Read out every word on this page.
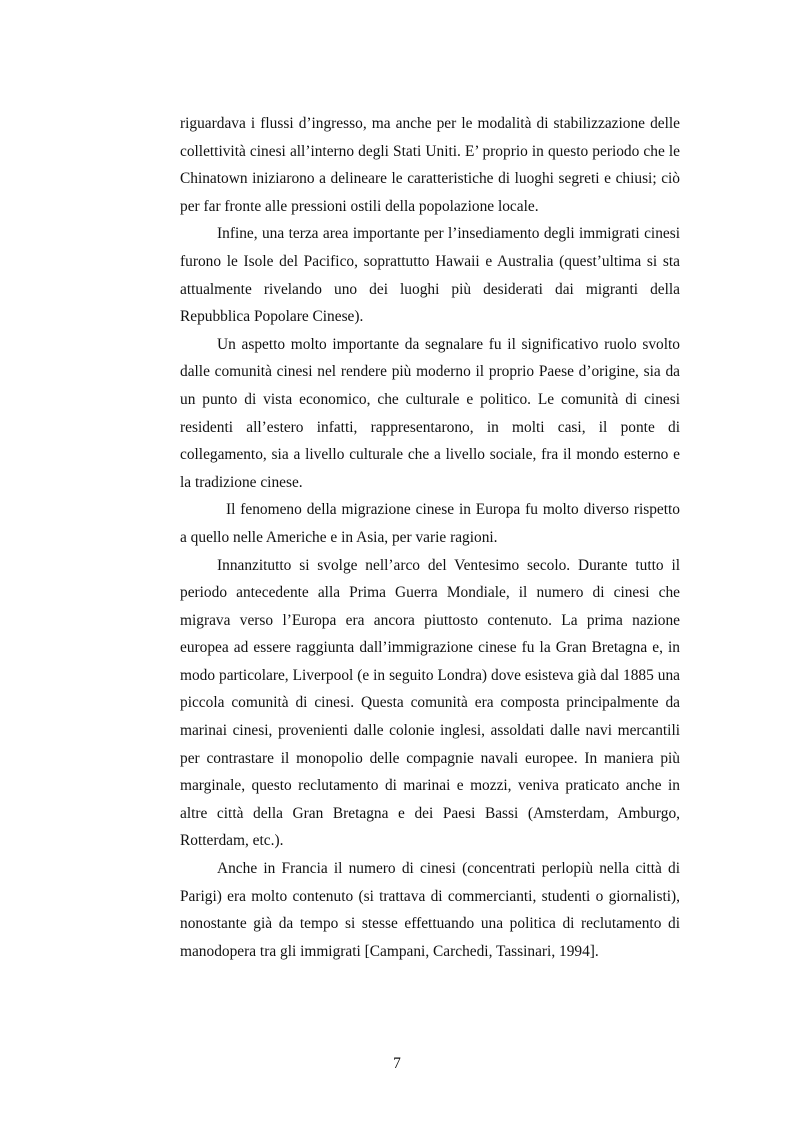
riguardava i flussi d’ingresso, ma anche per le modalità di stabilizzazione delle collettività cinesi all’interno degli Stati Uniti. E’ proprio in questo periodo che le Chinatown iniziarono a delineare le caratteristiche di luoghi segreti e chiusi; ciò per far fronte alle pressioni ostili della popolazione locale.

Infine, una terza area importante per l’insediamento degli immigrati cinesi furono le Isole del Pacifico, soprattutto Hawaii e Australia (quest’ultima si sta attualmente rivelando uno dei luoghi più desiderati dai migranti della Repubblica Popolare Cinese).

Un aspetto molto importante da segnalare fu il significativo ruolo svolto dalle comunità cinesi nel rendere più moderno il proprio Paese d’origine, sia da un punto di vista economico, che culturale e politico. Le comunità di cinesi residenti all’estero infatti, rappresentarono, in molti casi, il ponte di collegamento, sia a livello culturale che a livello sociale, fra il mondo esterno e la tradizione cinese.

Il fenomeno della migrazione cinese in Europa fu molto diverso rispetto a quello nelle Americhe e in Asia, per varie ragioni.

Innanzitutto si svolge nell’arco del Ventesimo secolo. Durante tutto il periodo antecedente alla Prima Guerra Mondiale, il numero di cinesi che migrava verso l’Europa era ancora piuttosto contenuto. La prima nazione europea ad essere raggiunta dall’immigrazione cinese fu la Gran Bretagna e, in modo particolare, Liverpool (e in seguito Londra) dove esisteva già dal 1885 una piccola comunità di cinesi. Questa comunità era composta principalmente da marinai cinesi, provenienti dalle colonie inglesi, assoldati dalle navi mercantili per contrastare il monopolio delle compagnie navali europee. In maniera più marginale, questo reclutamento di marinai e mozzi, veniva praticato anche in altre città della Gran Bretagna e dei Paesi Bassi (Amsterdam, Amburgo, Rotterdam, etc.).

Anche in Francia il numero di cinesi (concentrati perlopiù nella città di Parigi) era molto contenuto (si trattava di commercianti, studenti o giornalisti), nonostante già da tempo si stesse effettuando una politica di reclutamento di manodopera tra gli immigrati [Campani, Carchedi, Tassinari, 1994].

7
